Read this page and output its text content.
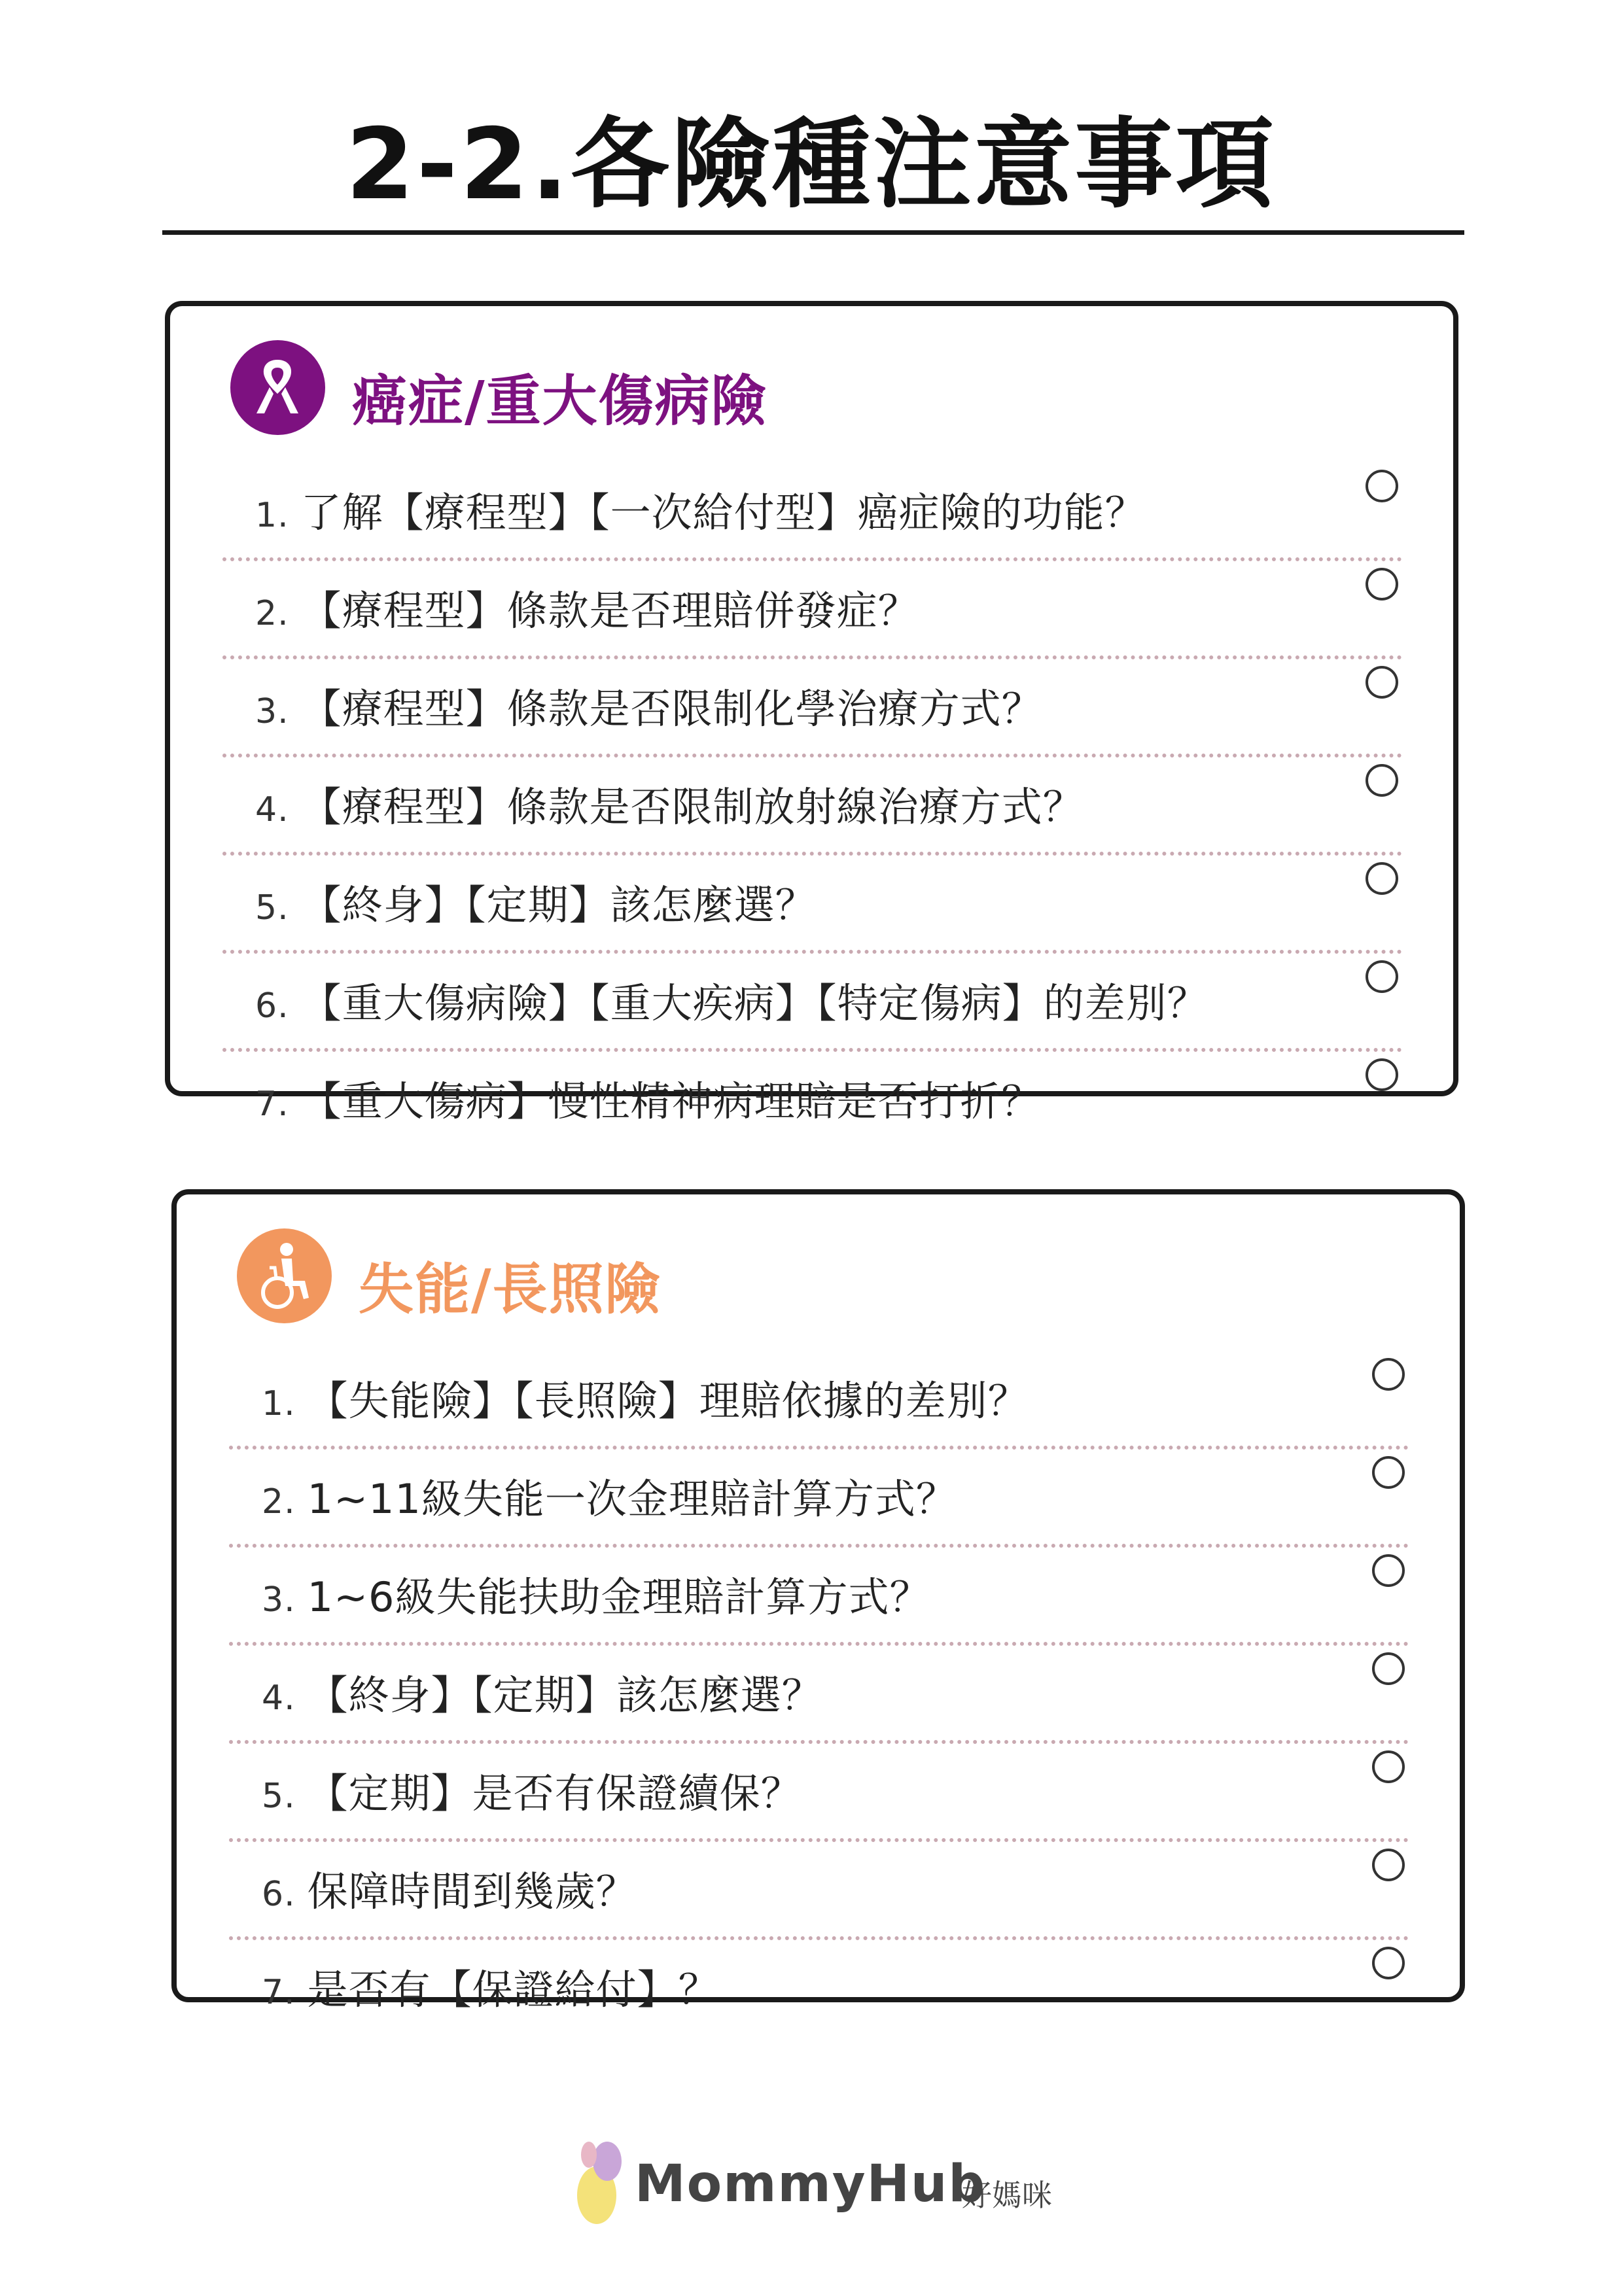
2-2.各險種注意事項
癌症/重大傷病險
1. 了解【療程型】【一次給付型】癌症險的功能？
2. 【療程型】條款是否理賠併發症？
3. 【療程型】條款是否限制化學治療方式？
4. 【療程型】條款是否限制放射線治療方式？
5. 【終身】【定期】該怎麼選？
6. 【重大傷病險】【重大疾病】【特定傷病】的差別？
7. 【重大傷病】慢性精神病理賠是否打折？
失能/長照險
1. 【失能險】【長照險】理賠依據的差別？
2. 1~11級失能一次金理賠計算方式？
3. 1~6級失能扶助金理賠計算方式？
4. 【終身】【定期】該怎麼選？
5. 【定期】是否有保證續保？
6. 保障時間到幾歲？
7. 是否有【保證給付】？
MommyHub
好媽咪
